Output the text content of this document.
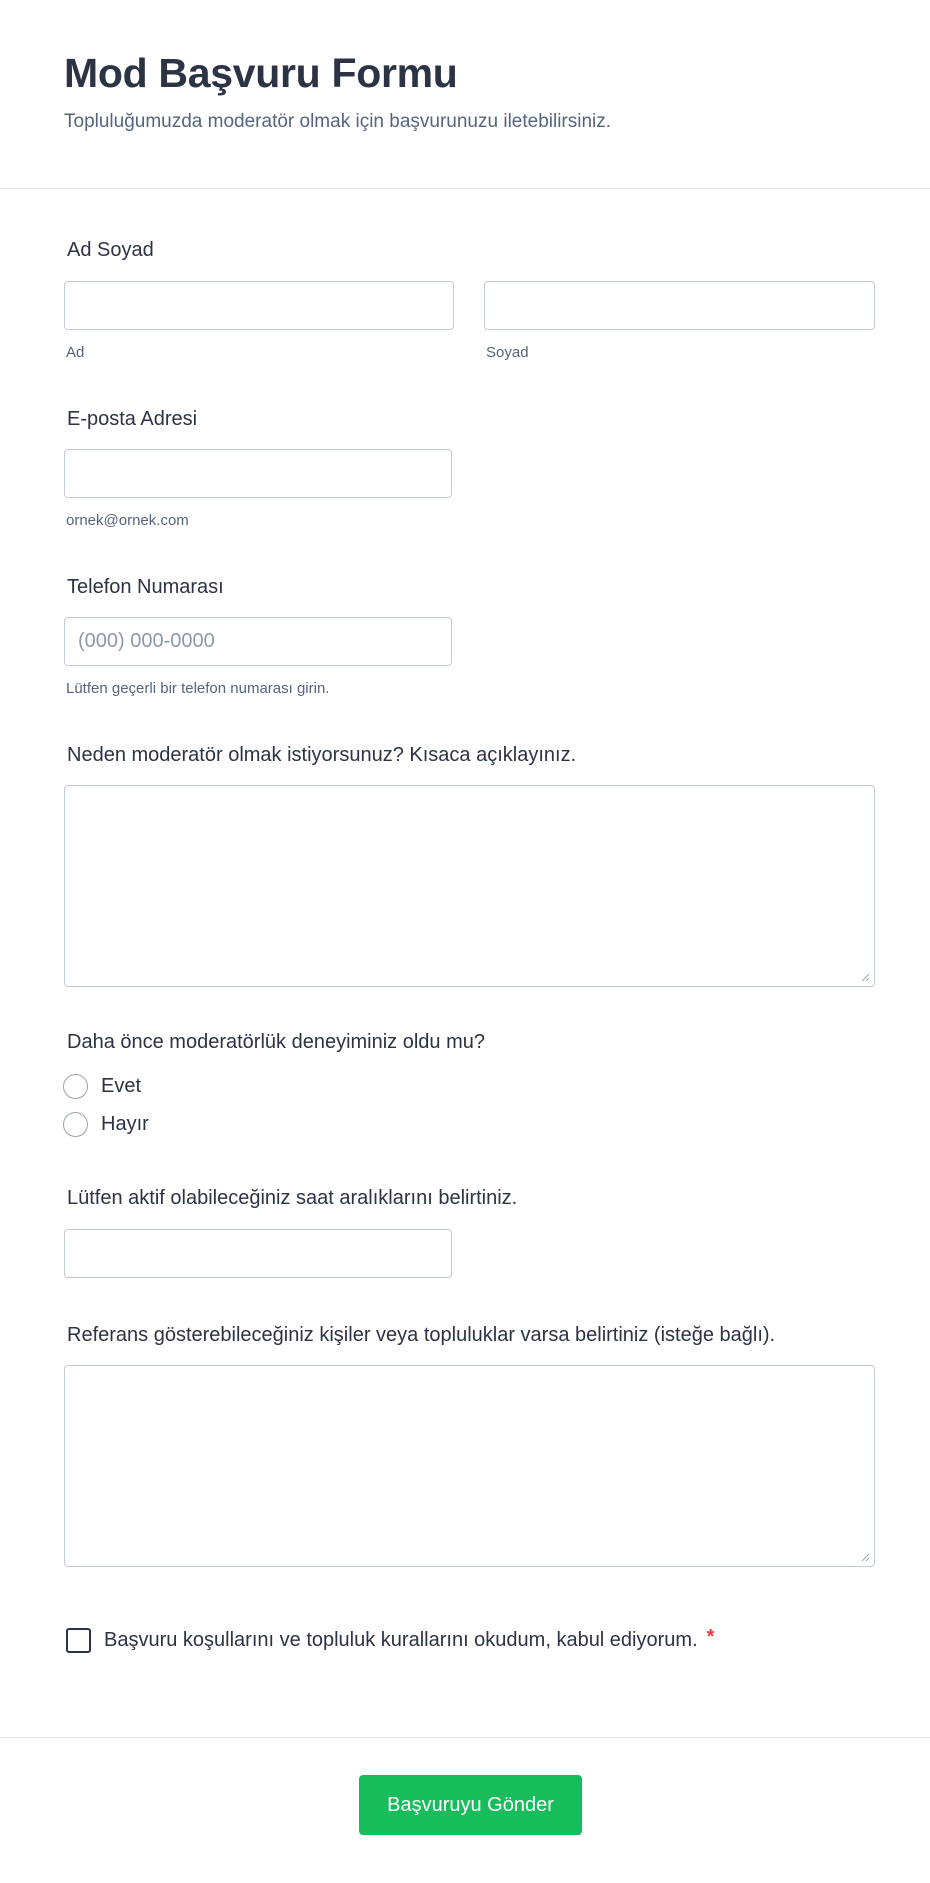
Mod Başvuru Formu
Topluluğumuzda moderatör olmak için başvurunuzu iletebilirsiniz.
Ad Soyad
Ad	Soyad
E-posta Adresi
ornek@ornek.com
Telefon Numarası
(000) 000-0000
Lütfen geçerli bir telefon numarası girin.
Neden moderatör olmak istiyorsunuz? Kısaca açıklayınız.
Daha önce moderatörlük deneyiminiz oldu mu?
Evet
Hayır
Lütfen aktif olabileceğiniz saat aralıklarını belirtiniz.
Referans gösterebileceğiniz kişiler veya topluluklar varsa belirtiniz (isteğe bağlı).
Başvuru koşullarını ve topluluk kurallarını okudum, kabul ediyorum. *
Başvuruyu Gönder
